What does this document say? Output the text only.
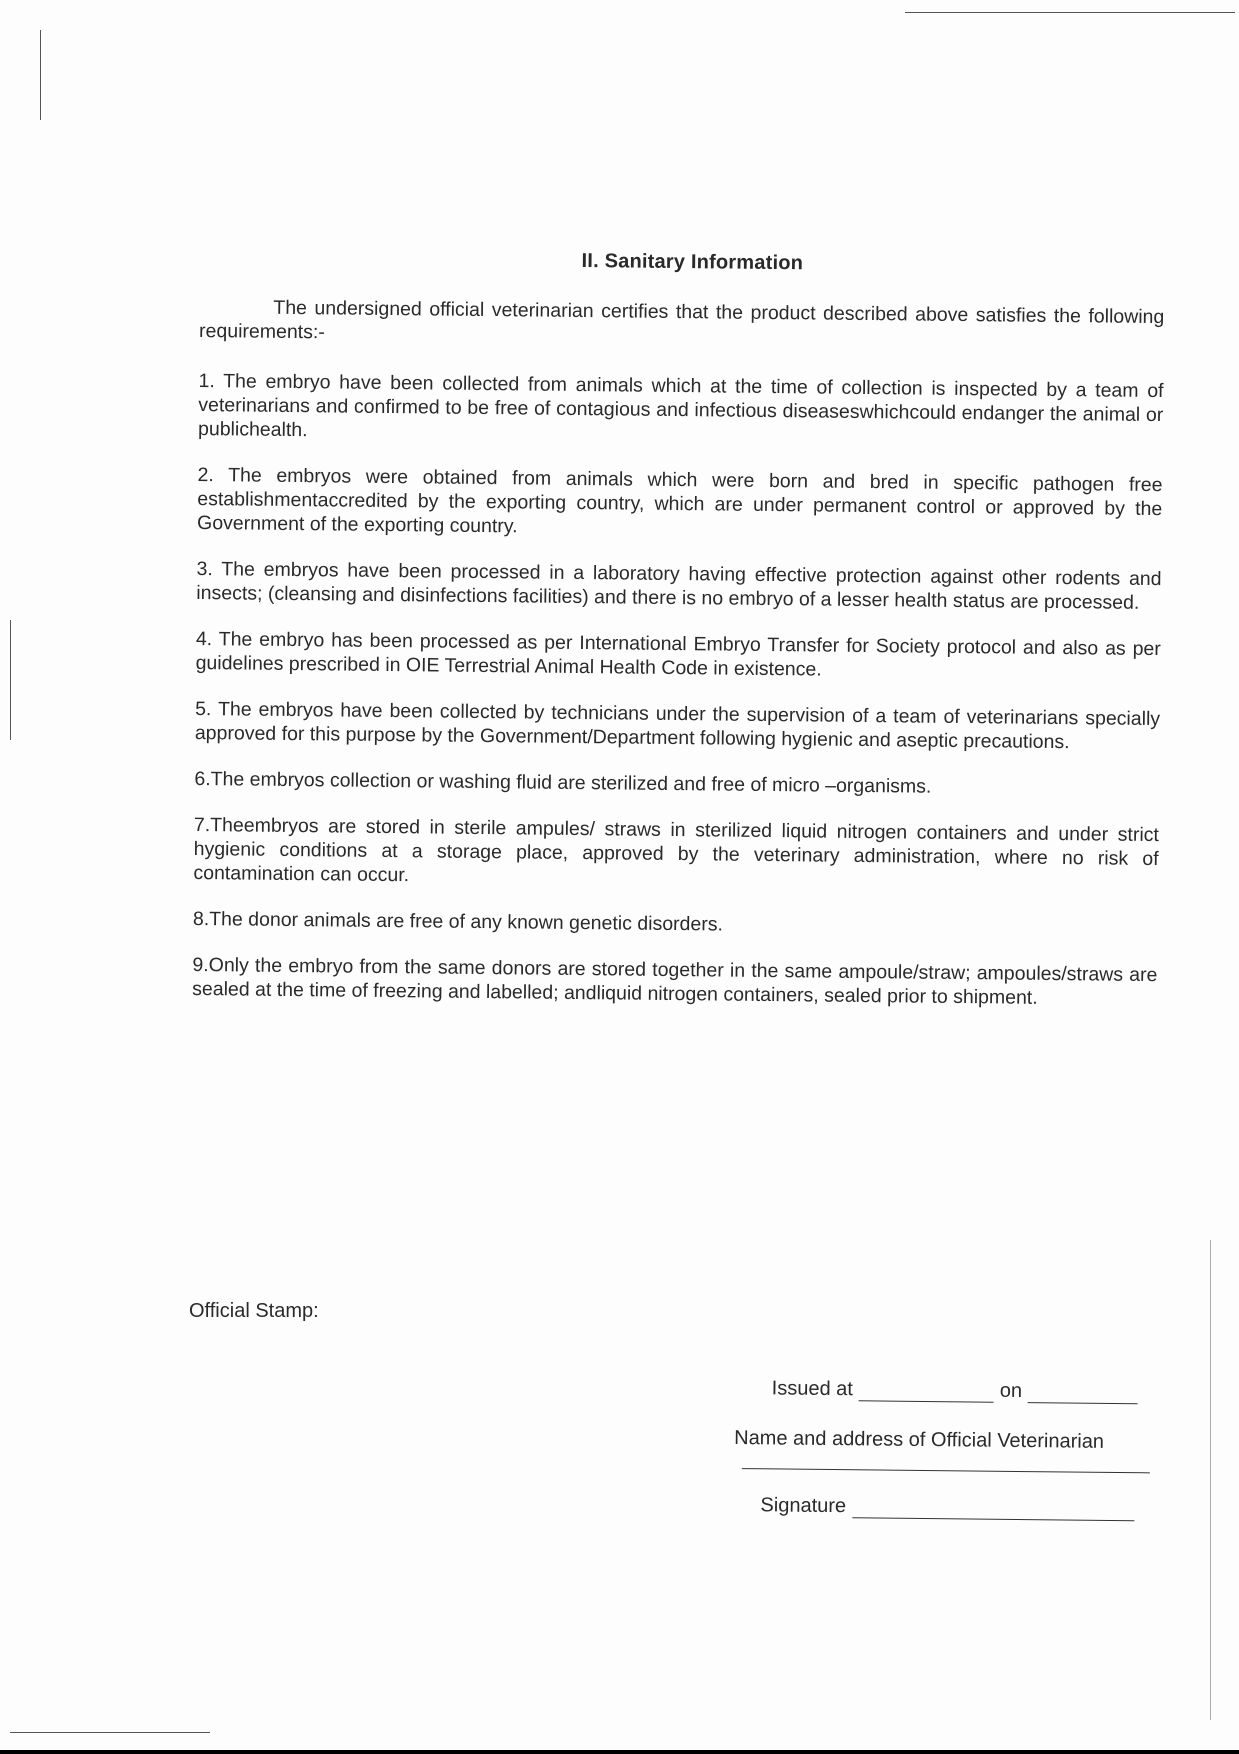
II. Sanitary Information

The undersigned official veterinarian certifies that the product described above satisfies the following requirements:-

1. The embryo have been collected from animals which at the time of collection is inspected by a team of veterinarians and confirmed to be free of contagious and infectious diseaseswhichcould endanger the animal or publichealth.

2. The embryos were obtained from animals which were born and bred in specific pathogen free establishmentaccredited by the exporting country, which are under permanent control or approved by the Government of the exporting country.

3. The embryos have been processed in a laboratory having effective protection against other rodents and insects; (cleansing and disinfections facilities) and there is no embryo of a lesser health status are processed.

4. The embryo has been processed as per International Embryo Transfer for Society protocol and also as per guidelines prescribed in OIE Terrestrial Animal Health Code in existence.

5. The embryos have been collected by technicians under the supervision of a team of veterinarians specially approved for this purpose by the Government/Department following hygienic and aseptic precautions.

6.The embryos collection or washing fluid are sterilized and free of micro –organisms.

7.Theembryos are stored in sterile ampules/ straws in sterilized liquid nitrogen containers and under strict hygienic conditions at a storage place, approved by the veterinary administration, where no risk of contamination can occur.

8.The donor animals are free of any known genetic disorders.

9.Only the embryo from the same donors are stored together in the same ampoule/straw; ampoules/straws are sealed at the time of freezing and labelled; andliquid nitrogen containers, sealed prior to shipment.

Official Stamp:
Issued at	on
Name and address of Official Veterinarian
Signature
